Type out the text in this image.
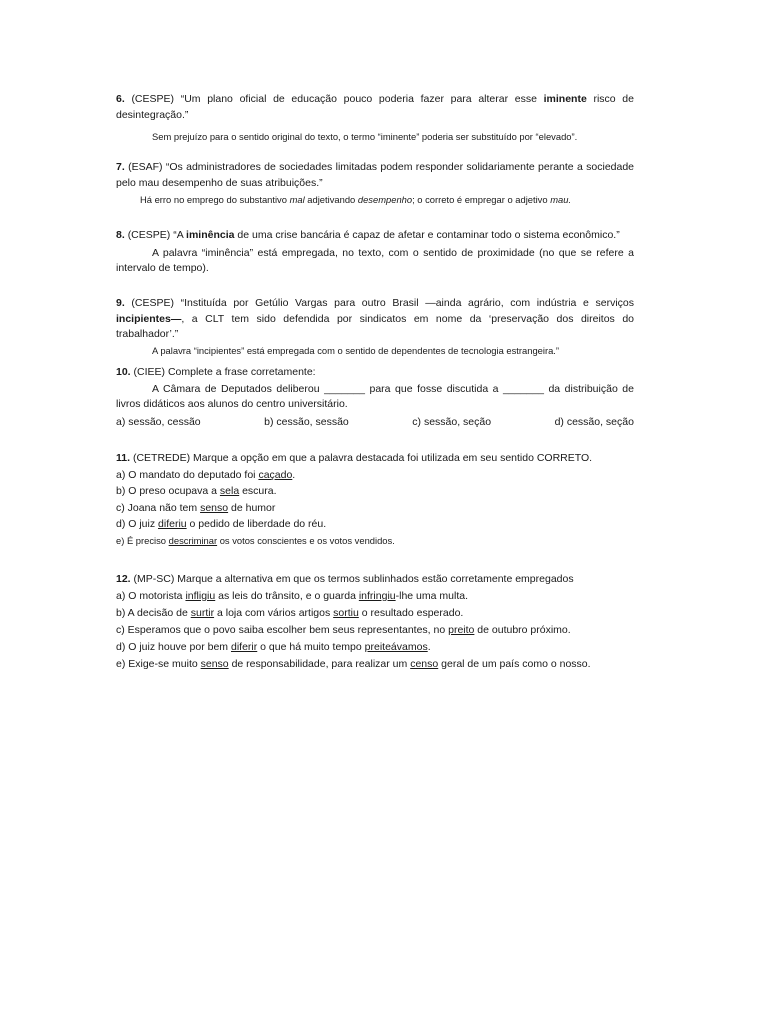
6. (CESPE) “Um plano oficial de educação pouco poderia fazer para alterar esse iminente risco de desintegração.”
Sem prejuízo para o sentido original do texto, o termo “iminente” poderia ser substituído por “elevado”.
7. (ESAF) “Os administradores de sociedades limitadas podem responder solidariamente perante a sociedade pelo mau desempenho de suas atribuições.”
Há erro no emprego do substantivo mal adjetivando desempenho; o correto é empregar o adjetivo mau.
8. (CESPE) “A iminência de uma crise bancária é capaz de afetar e contaminar todo o sistema econômico.”
A palavra “iminência” está empregada, no texto, com o sentido de proximidade (no que se refere a intervalo de tempo).
9. (CESPE) “Instituída por Getúlio Vargas para outro Brasil —ainda agrário, com indústria e serviços incipientes—, a CLT tem sido defendida por sindicatos em nome da ‘preservação dos direitos do trabalhador’.”
A palavra “incipientes” está empregada com o sentido de dependentes de tecnologia estrangeira.”
10. (CIEE) Complete a frase corretamente:
A Câmara de Deputados deliberou _______ para que fosse discutida a _______ da distribuição de livros didáticos aos alunos do centro universitário.
a) sessão, cessão	b) cessão, sessão	c) sessão, seção	d) cessão, seção
11. (CETREDE) Marque a opção em que a palavra destacada foi utilizada em seu sentido CORRETO.
a) O mandato do deputado foi caçado.
b) O preso ocupava a sela escura.
c) Joana não tem senso de humor
d) O juiz diferiu o pedido de liberdade do réu.
e) É preciso descriminar os votos conscientes e os votos vendidos.
12. (MP-SC) Marque a alternativa em que os termos sublinhados estão corretamente empregados
a) O motorista infligiu as leis do trânsito, e o guarda infringiu-lhe uma multa.
b) A decisão de surtir a loja com vários artigos sortiu o resultado esperado.
c) Esperamos que o povo saiba escolher bem seus representantes, no preito de outubro próximo.
d) O juiz houve por bem diferir o que há muito tempo preiteávamos.
e) Exige-se muito senso de responsabilidade, para realizar um censo geral de um país como o nosso.
